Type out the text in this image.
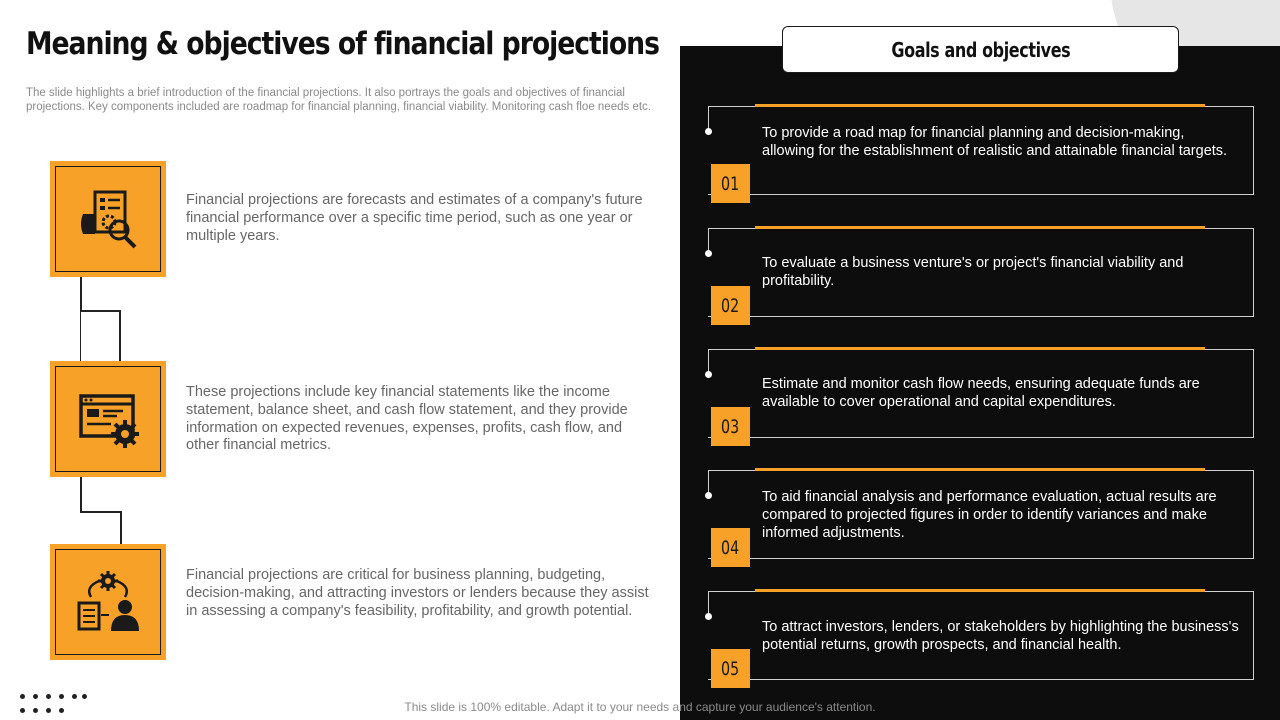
Meaning & objectives of financial projections

The slide highlights a brief introduction of the financial projections. It also portrays the goals and objectives of financial projections. Key components included are roadmap for financial planning, financial viability. Monitoring cash floe needs etc.

Financial projections are forecasts and estimates of a company's future financial performance over a specific time period, such as one year or multiple years.

These projections include key financial statements like the income statement, balance sheet, and cash flow statement, and they provide information on expected revenues, expenses, profits, cash flow, and other financial metrics.

Financial projections are critical for business planning, budgeting, decision-making, and attracting investors or lenders because they assist in assessing a company's feasibility, profitability, and growth potential.

Goals and objectives
01

To provide a road map for financial planning and decision-making, allowing for the establishment of realistic and attainable financial targets.

02

To evaluate a business venture's or project's financial viability and profitability.

03

Estimate and monitor cash flow needs, ensuring adequate funds are available to cover operational and capital expenditures.

04

To aid financial analysis and performance evaluation, actual results are compared to projected figures in order to identify variances and make informed adjustments.

05

To attract investors, lenders, or stakeholders by highlighting the business's potential returns, growth prospects, and financial health.

This slide is 100% editable. Adapt it to your needs and capture your audience's attention.
